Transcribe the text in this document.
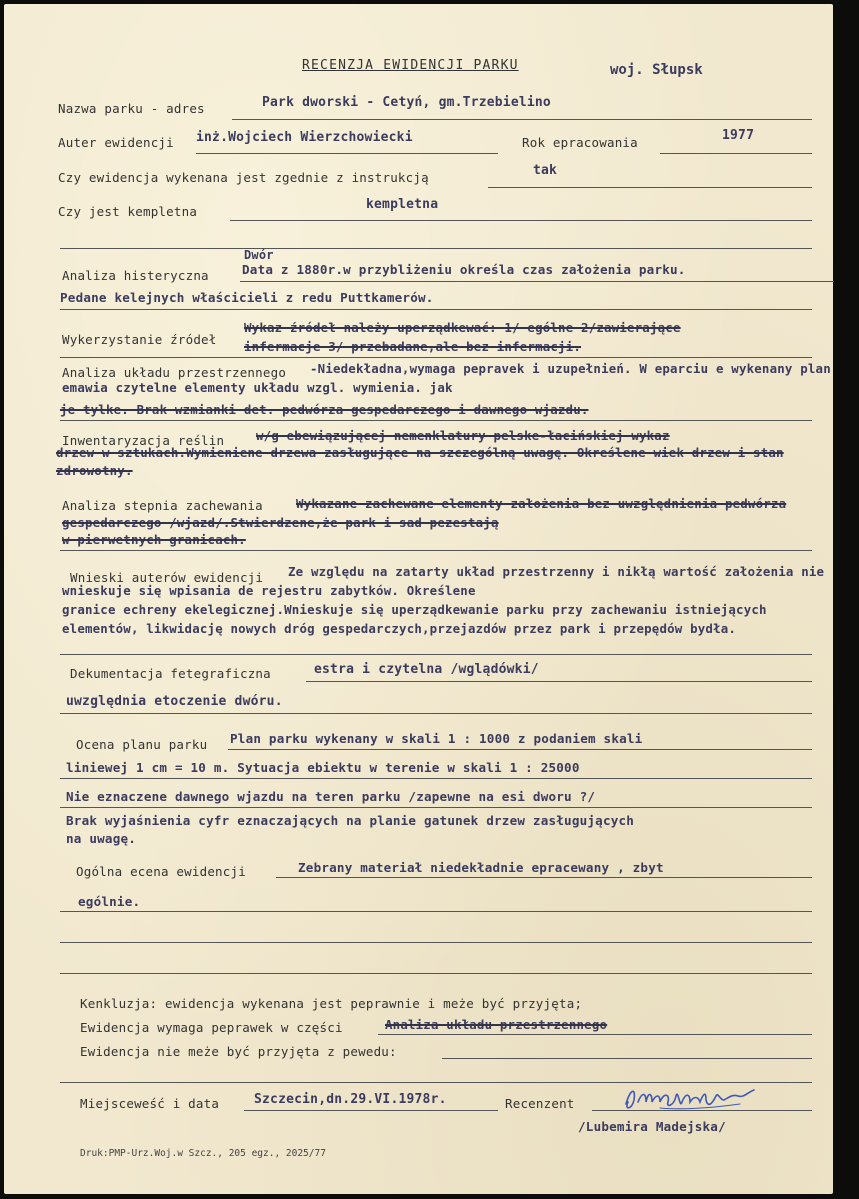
RECENZJA EWIDENCJI PARKU	woj. Słupsk
Nazwa parku - adres	Park dworski - Cetyń, gm.Trzebielino
Auter ewidencji inż.Wojciech Wierzchowiecki	Rok epracowania	1977
Czy ewidencja wykenana jest zgednie z instrukcją	tak
Czy jest kempletna	kempletna
Dwór
Analiza histeryczna	Data z 1880r.w przybliżeniu określa czas założenia parku.
Pedane kelejnych właścicieli z redu Puttkamerów.
Wykerzystanie źródeł
Wykaz źródeł należy uperządkewać: 1/ ególne 2/zawierające
infermacje 3/ przebadane,ale bez infermacji.
Analiza układu przestrzennego	-Niedekładna,wymaga pepravek i uzupełnień. W eparciu e wykenany plan emawia czytelne elementy układu wzgl. wymienia. jak
je tylke. Brak wzmianki det. pedwórza gespedarczego i dawnego wjazdu.
Inwentaryzacja reślin	w/g ebewiązującej nemenklatury pelske-łacińskiej wykaz
drzew w sztukach.Wymieniene drzewa zasługujące na szczególną uwagę. Określene wiek drzew i stan zdrowotny.
Analiza stepnia zachewania	Wykazane zachewane elementy założenia bez uwzględnienia pedwórza gespedarczego /wjazd/.Stwierdzene,że park i sad pezestają
w pierwetnych granicach.
Wnieski auterów ewidencji	Ze względu na zatarty układ przestrzenny i nikłą wartość założenia nie wnieskuje się wpisania de rejestru zabytków. Określene
granice echreny ekelegicznej.Wnieskuje się uperządkewanie parku przy zachewaniu istniejących elementów, likwidację nowych dróg gespedarczych,przejazdów przez park i przepędów bydła.
Dekumentacja fetegraficzna	estra i czytelna /wglądówki/
uwzględnia etoczenie dwóru.
Ocena planu parku Plan parku wykenany w skali 1 : 1000 z podaniem skali
liniewej 1 cm = 10 m. Sytuacja ebiektu w terenie w skali 1 : 25000
Nie eznaczene dawnego wjazdu na teren parku /zapewne na esi dworu ?/
Brak wyjaśnienia cyfr eznaczających na planie gatunek drzew zasługujących
na uwagę.
Ogólna ecena ewidencji	Zebrany materiał niedekładnie epracewany , zbyt
ególnie.
Kenkluzja: ewidencja wykenana jest peprawnie i meże być przyjęta;
Ewidencja wymaga peprawek w części	Analiza układu przestrzennego
Ewidencja nie meże być przyjęta z pewedu:
Miejsceweść i data	Szczecin,dn.29.VI.1978r.	Recenzent
/Lubemira Madejska/
Druk:PMP-Urz.Woj.w Szcz., 205 egz., 2025/77
